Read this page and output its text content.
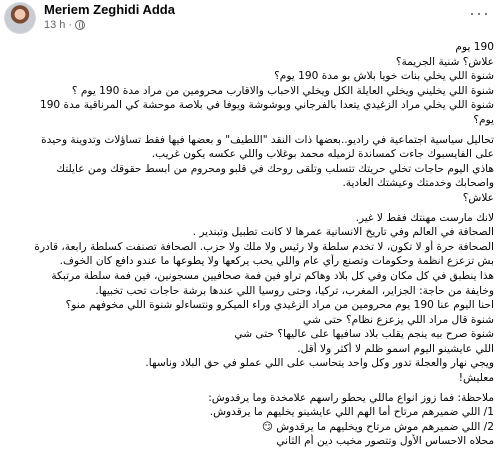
Meriem Zeghidi Adda
13 h ·
···
190 يوم
علاش؟ شنية الجريمة؟
شنوة اللي يخلي بنات خويا بلاش بو مدة 190 يوم؟
شنوة اللي يخليني ويخلي العايلة الكل ويخلي الاحباب والاقارب محرومين من مراد مدة 190 يوم ؟
شنوة اللي يخلي مراد الزغيدي يتعدا بالفرجاني وبوشوشة ويوفا في بلاصة موحشة كي المرناقية مدة 190
يوم؟
تحاليل سياسية اجتماعية في راديو..بعضها ذات النقد "اللطيف" و بعضها فيها فقط تساؤلات وتدوينة وحيدة
على الفايسبوك جاءت كمساندة لزميله محمد بوغلاب واللي عكسه يكون غريب.
هاذي اليوم حاجات تخلي حريتك تتسلب وتلقى روحك في قلبو ومحروم من ابسط حقوقك ومن عايلتك
واصحابك وخدمتك وعيشتك العادية.
علاش؟
لانك مارست مهنتك فقط لا غير.
الصحافة في العالم وفي تاريخ الانسانية عمرها لا كانت تطبيل وتبندير .
الصحافة حرة أو لا تكون، لا تخدم سلطة ولا رئيس ولا ملك ولا حزب. الصحافة تصنفت كسلطة رابعة، قادرة
بش تزعزع انظمة وحكومات وتصنع رأي عام واللي يحب يركعها ولا يطوعها ما عندو دافع كان الخوف.
هذا ينطبق في كل مكان وفي كل بلاد وهاكم تراو فين فمة صحافيين مسجونين، فين فمة سلطة مرتبكة
وخايفة من حاجة: الجزاير، المغرب، تركيا، وحتى روسيا اللي عندها برشة حاجات تحب تخبيها.
احنا اليوم عنا 190 يوم محرومين من مراد الزغيدي وراء الميكرو ونتساءلو شنوة اللي مخوفهم منو؟
شنوة قال مراد اللي يزعزع نظام؟ حتى شي
شنوة صرح بيه ينجم يقلب بلاد سافيها على عاليها؟ حتى شي
اللي عايشينو اليوم اسمو ظلم لا أكثر ولا أقل.
ويجي نهار والعجلة تدور وكل واحد يتحاسب على اللي عملو في حق البلاد وناسها.
معليش!
ملاحظة: فما زوز انواع ماللي يحطو راسهم علامخدة وما يرقدوش:
1/ اللي ضميرهم مرتاح أما الهم اللي عايشينو يخليهم ما يرقدوش.
2/ اللي ضميرهم موش مرتاح ويخليهم ما يرقدوش 😏
محلاه الاحساس الأول وتتصور مخيب دين أم الثاني
